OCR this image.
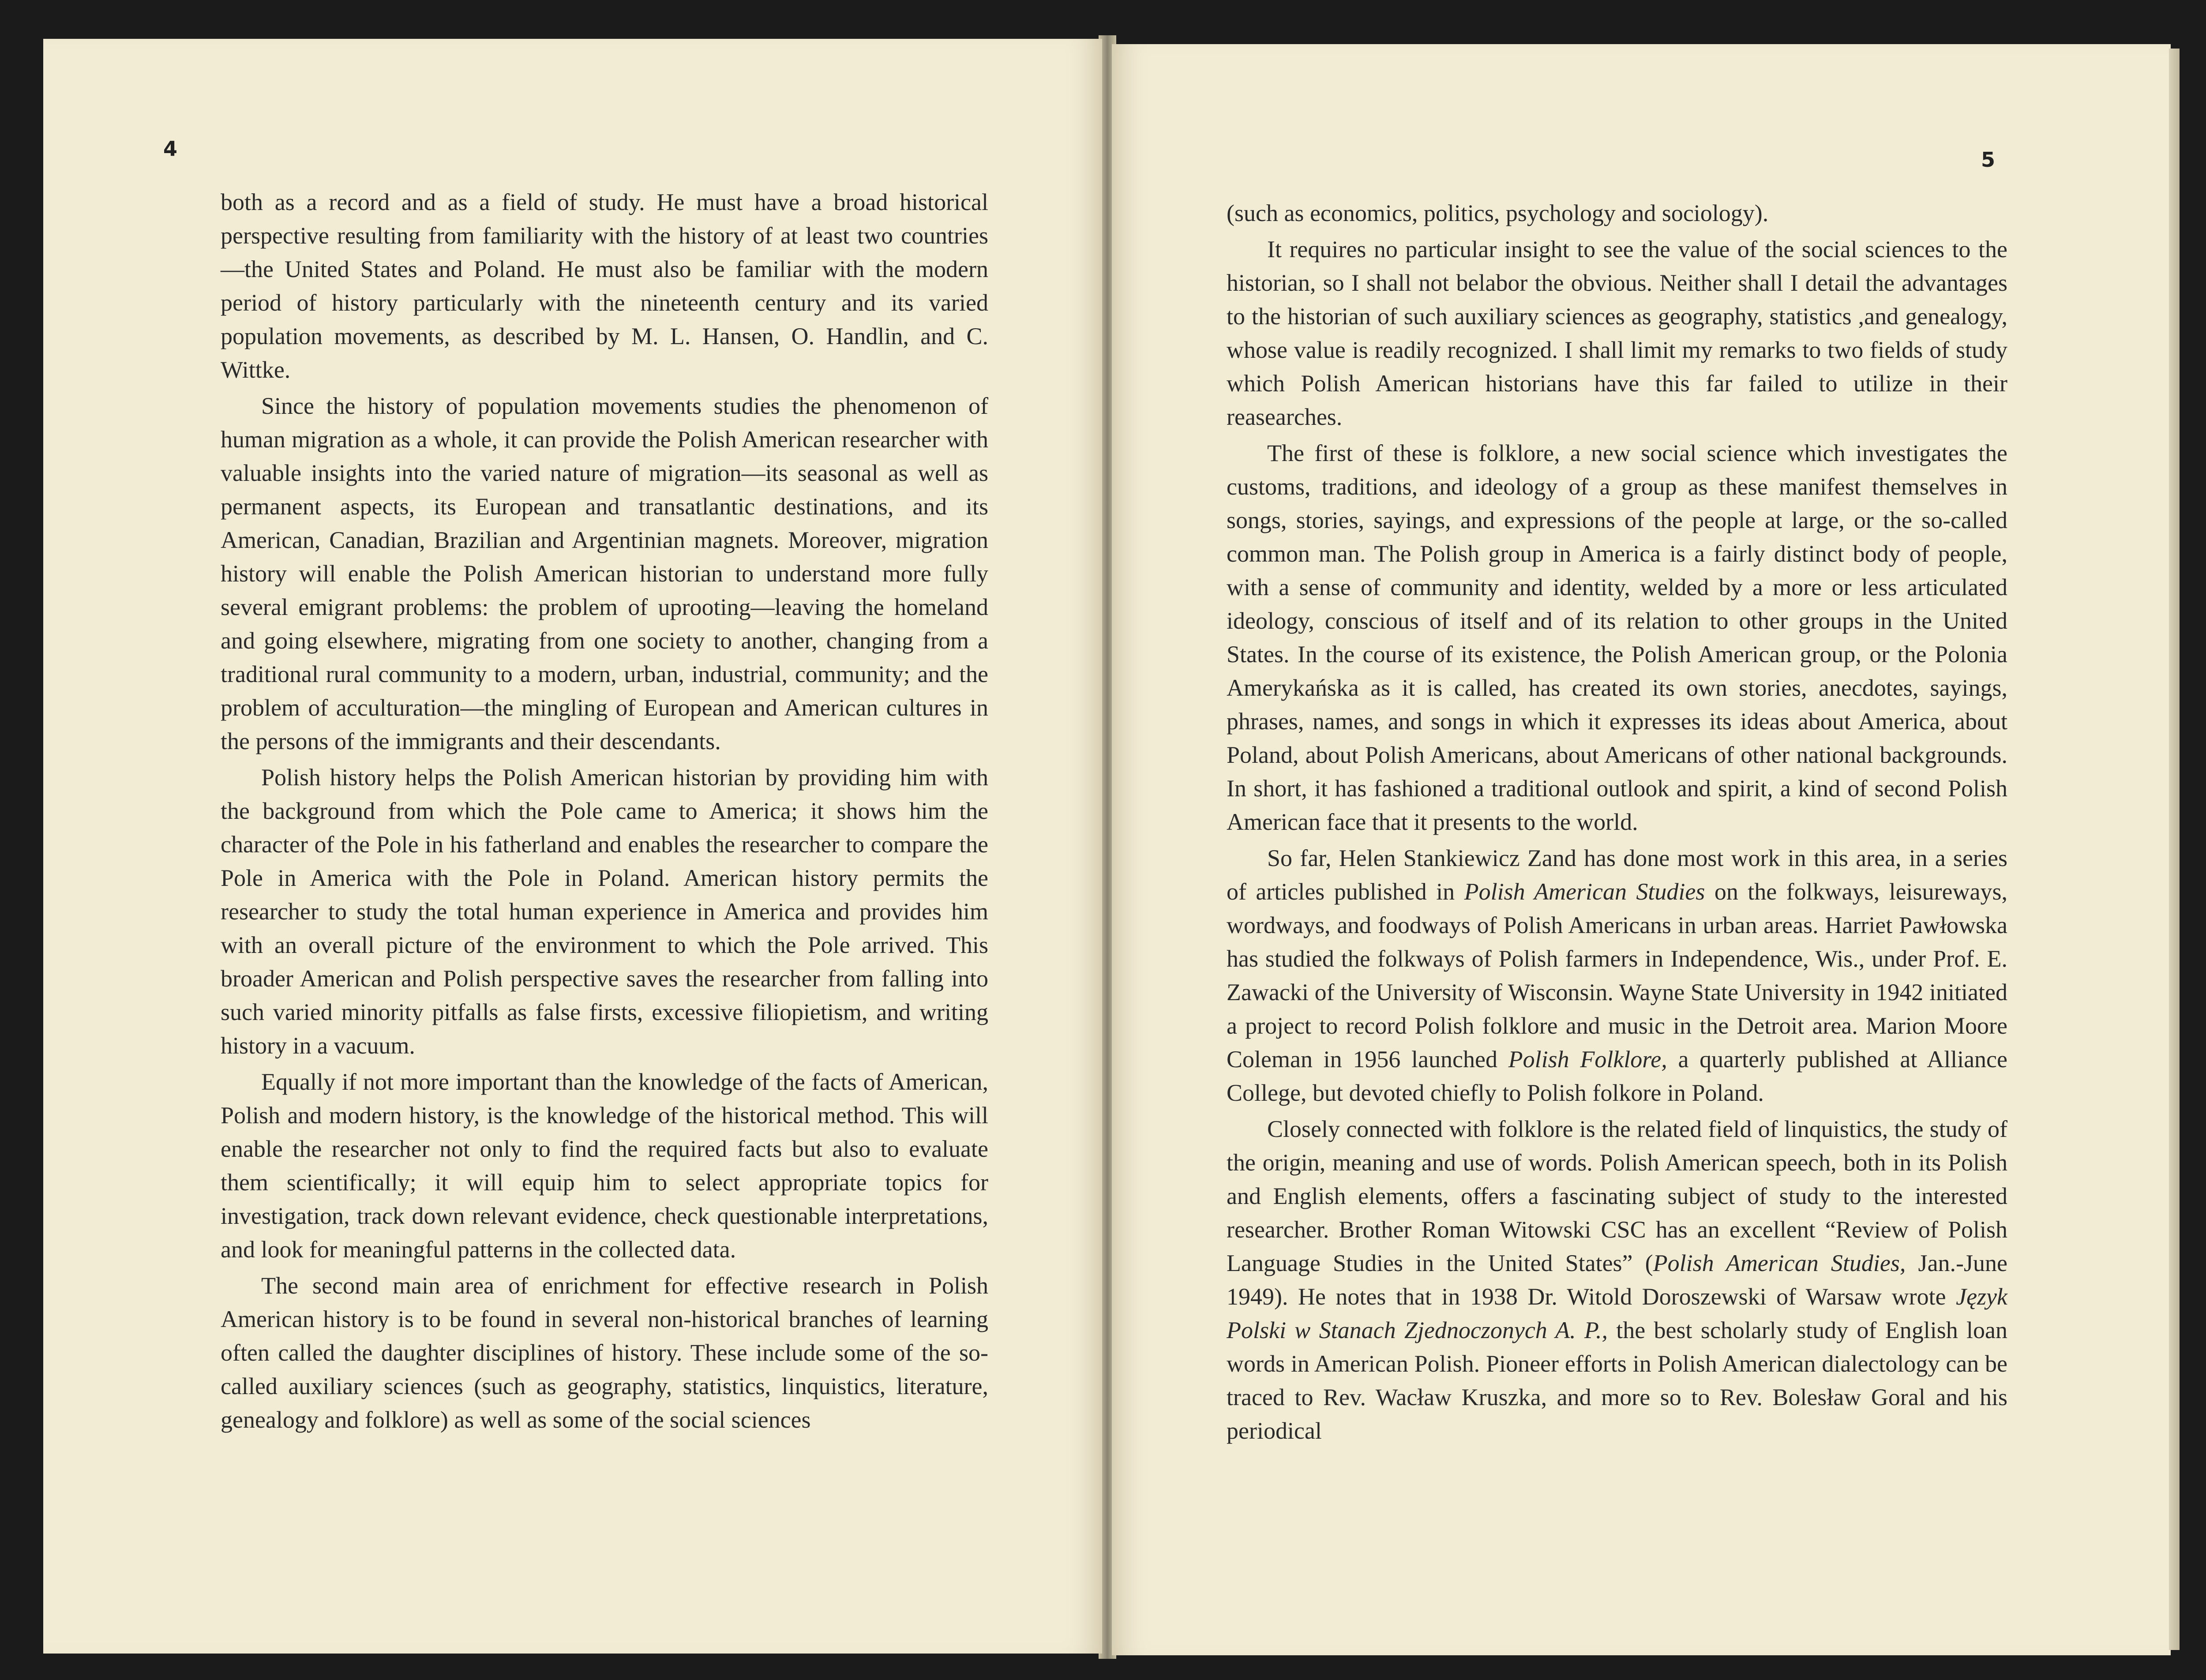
4	5

both as a record and as a field of study. He must have a broad historical perspective resulting from familiarity with the history of at least two countries—the United States and Poland. He must also be familiar with the modern period of history particularly with the nineteenth century and its varied population movements, as described by M. L. Hansen, O. Handlin, and C. Wittke.

Since the history of population movements studies the phenomenon of human migration as a whole, it can provide the Polish American researcher with valuable insights into the varied nature of migration—its seasonal as well as permanent aspects, its European and transatlantic destinations, and its American, Canadian, Brazilian and Argentinian magnets. Moreover, migration history will enable the Polish American historian to understand more fully several emigrant problems: the problem of uprooting—leaving the homeland and going elsewhere, migrating from one society to another, changing from a traditional rural community to a modern, urban, industrial, community; and the problem of acculturation—the mingling of European and American cultures in the persons of the immigrants and their descendants.

Polish history helps the Polish American historian by providing him with the background from which the Pole came to America; it shows him the character of the Pole in his fatherland and enables the researcher to compare the Pole in America with the Pole in Poland. American history permits the researcher to study the total human experience in America and provides him with an overall picture of the environment to which the Pole arrived. This broader American and Polish perspective saves the researcher from falling into such varied minority pitfalls as false firsts, excessive filiopietism, and writing history in a vacuum.

Equally if not more important than the knowledge of the facts of American, Polish and modern history, is the knowledge of the historical method. This will enable the researcher not only to find the required facts but also to evaluate them scientifically; it will equip him to select appropriate topics for investigation, track down relevant evidence, check questionable interpretations, and look for meaningful patterns in the collected data.

The second main area of enrichment for effective research in Polish American history is to be found in several non-historical branches of learning often called the daughter disciplines of history. These include some of the so-called auxiliary sciences (such as geography, statistics, linquistics, literature, genealogy and folklore) as well as some of the social sciences

(such as economics, politics, psychology and sociology).

It requires no particular insight to see the value of the social sciences to the historian, so I shall not belabor the obvious. Neither shall I detail the advantages to the historian of such auxiliary sciences as geography, statistics ,and genealogy, whose value is readily recognized. I shall limit my remarks to two fields of study which Polish American historians have this far failed to utilize in their reasearches.

The first of these is folklore, a new social science which investigates the customs, traditions, and ideology of a group as these manifest themselves in songs, stories, sayings, and expressions of the people at large, or the so-called common man. The Polish group in America is a fairly distinct body of people, with a sense of community and identity, welded by a more or less articulated ideology, conscious of itself and of its relation to other groups in the United States. In the course of its existence, the Polish American group, or the Polonia Amerykańska as it is called, has created its own stories, anecdotes, sayings, phrases, names, and songs in which it expresses its ideas about America, about Poland, about Polish Americans, about Americans of other national backgrounds. In short, it has fashioned a traditional outlook and spirit, a kind of second Polish American face that it presents to the world.

So far, Helen Stankiewicz Zand has done most work in this area, in a series of articles published in Polish American Studies on the folkways, leisureways, wordways, and foodways of Polish Americans in urban areas. Harriet Pawłowska has studied the folkways of Polish farmers in Independence, Wis., under Prof. E. Zawacki of the University of Wisconsin. Wayne State University in 1942 initiated a project to record Polish folklore and music in the Detroit area. Marion Moore Coleman in 1956 launched Polish Folklore, a quarterly published at Alliance College, but devoted chiefly to Polish folkore in Poland.

Closely connected with folklore is the related field of linquistics, the study of the origin, meaning and use of words. Polish American speech, both in its Polish and English elements, offers a fascinating subject of study to the interested researcher. Brother Roman Witowski CSC has an excellent “Review of Polish Language Studies in the United States” (Polish American Studies, Jan.-June 1949). He notes that in 1938 Dr. Witold Doroszewski of Warsaw wrote Język Polski w Stanach Zjednoczonych A. P., the best scholarly study of English loan words in American Polish. Pioneer efforts in Polish American dialectology can be traced to Rev. Wacław Kruszka, and more so to Rev. Bolesław Goral and his periodical
